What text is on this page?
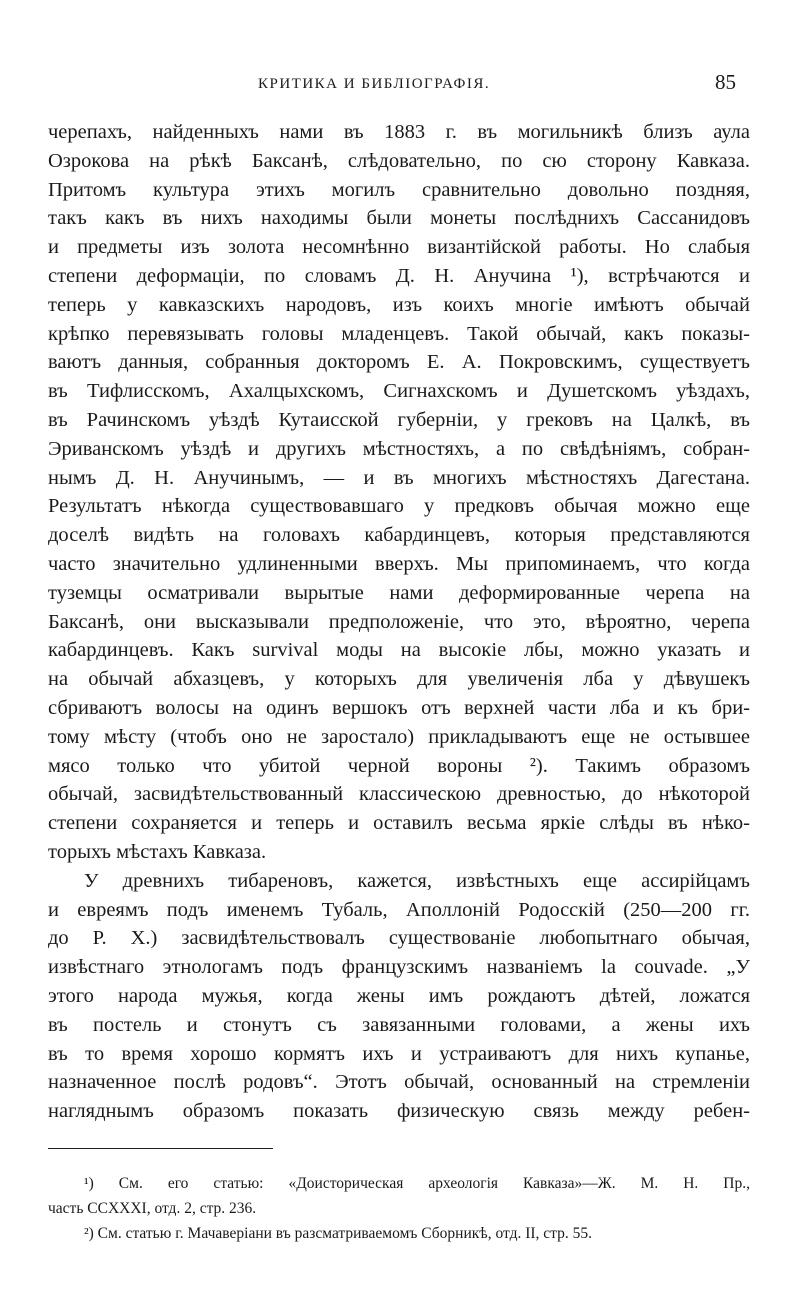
КРИТИКА И БИБЛІОГРАФІЯ.	85
черепахъ, найденныхъ нами въ 1883 г. въ могильникѣ близъ аула
Озрокова на рѣкѣ Баксанѣ, слѣдовательно, по сю сторону Кавказа.
Притомъ культура этихъ могилъ сравнительно довольно поздняя,
такъ какъ въ нихъ находимы были монеты послѣднихъ Сассанидовъ
и предметы изъ золота несомнѣнно византійской работы. Но слабыя
степени деформаціи, по словамъ Д. Н. Анучина ¹), встрѣчаются и
теперь у кавказскихъ народовъ, изъ коихъ многіе имѣютъ обычай
крѣпко перевязывать головы младенцевъ. Такой обычай, какъ показы-
ваютъ данныя, собранныя докторомъ Е. А. Покровскимъ, существуетъ
въ Тифлисскомъ, Ахалцыхскомъ, Сигнахскомъ и Душетскомъ уѣздахъ,
въ Рачинскомъ уѣздѣ Кутаисской губерніи, у грековъ на Цалкѣ, въ
Эриванскомъ уѣздѣ и другихъ мѣстностяхъ, а по свѣдѣніямъ, собран-
нымъ Д. Н. Анучинымъ, — и въ многихъ мѣстностяхъ Дагестана.
Результатъ нѣкогда существовавшаго у предковъ обычая можно еще
доселѣ видѣть на головахъ кабардинцевъ, которыя представляются
часто значительно удлиненными вверхъ. Мы припоминаемъ, что когда
туземцы осматривали вырытые нами деформированные черепа на
Баксанѣ, они высказывали предположеніе, что это, вѣроятно, черепа
кабардинцевъ. Какъ survival моды на высокіе лбы, можно указать и
на обычай абхазцевъ, у которыхъ для увеличенія лба у дѣвушекъ
сбриваютъ волосы на одинъ вершокъ отъ верхней части лба и къ бри-
тому мѣсту (чтобъ оно не заростало) прикладываютъ еще не остывшее
мясо только что убитой черной вороны ²). Такимъ образомъ
обычай, засвидѣтельствованный классическою древностью, до нѣкоторой
степени сохраняется и теперь и оставилъ весьма яркіе слѣды въ нѣко-
торыхъ мѣстахъ Кавказа.
У древнихъ тибареновъ, кажется, извѣстныхъ еще ассирійцамъ
и евреямъ подъ именемъ Тубаль, Аполлоній Родосскій (250—200 гг.
до Р. Х.) засвидѣтельствовалъ существованіе любопытнаго обычая,
извѣстнаго этнологамъ подъ французскимъ названіемъ la couvade. „У
этого народа мужья, когда жены имъ рождаютъ дѣтей, ложатся
въ постель и стонутъ съ завязанными головами, а жены ихъ
въ то время хорошо кормятъ ихъ и устраиваютъ для нихъ купанье,
назначенное послѣ родовъ“. Этотъ обычай, основанный на стремленіи
нагляднымъ образомъ показать физическую связь между ребен-
¹) См. его статью: «Доисторическая археологія Кавказа»—Ж. М. Н. Пр.,
часть CCXXXI, отд. 2, стр. 236.
²) См. статью г. Мачаверіани въ разсматриваемомъ Сборникѣ, отд. II, стр. 55.
